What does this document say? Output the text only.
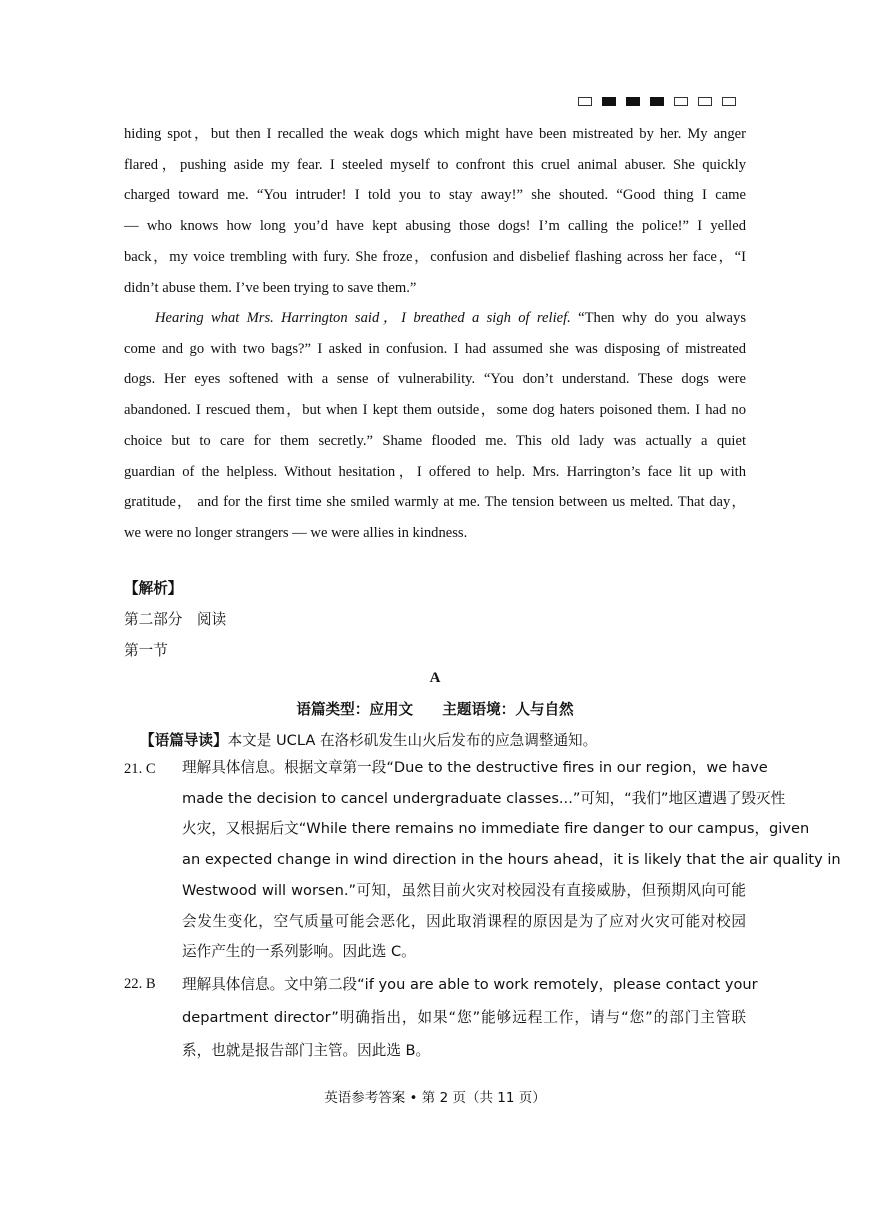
hiding spot，but then I recalled the weak dogs which might have been mistreated by her. My anger
flared，pushing aside my fear. I steeled myself to confront this cruel animal abuser. She quickly
charged toward me. “You intruder! I told you to stay away!” she shouted. “Good thing I came
— who knows how long you’d have kept abusing those dogs! I’m calling the police!” I yelled
back，my voice trembling with fury. She froze，confusion and disbelief flashing across her face，“I
didn’t abuse them. I’ve been trying to save them.”
Hearing what Mrs. Harrington said，I breathed a sigh of relief. “Then why do you always
come and go with two bags?” I asked in confusion. I had assumed she was disposing of mistreated
dogs. Her eyes softened with a sense of vulnerability. “You don’t understand. These dogs were
abandoned. I rescued them，but when I kept them outside，some dog haters poisoned them. I had no
choice but to care for them secretly.” Shame flooded me. This old lady was actually a quiet
guardian of the helpless. Without hesitation，I offered to help. Mrs. Harrington’s face lit up with
gratitude， and for the first time she smiled warmly at me. The tension between us melted. That day，
we were no longer strangers — we were allies in kindness.

【解析】

第二部分　阅读

第一节

A

语篇类型：应用文　　主题语境：人与自然

【语篇导读】本文是 UCLA 在洛杉矶发生山火后发布的应急调整通知。

21. C	理解具体信息。根据文章第一段“Due to the destructive fires in our region，we have
made the decision to cancel undergraduate classes...”可知，“我们”地区遭遇了毁灭性
火灾，又根据后文“While there remains no immediate fire danger to our campus，given
an expected change in wind direction in the hours ahead，it is likely that the air quality in
Westwood will worsen.”可知，虽然目前火灾对校园没有直接威胁，但预期风向可能
会发生变化，空气质量可能会恶化，因此取消课程的原因是为了应对火灾可能对校园
运作产生的一系列影响。因此选 C。
22. B	理解具体信息。文中第二段“if you are able to work remotely，please contact your
department director”明确指出，如果“您”能够远程工作，请与“您”的部门主管联
系，也就是报告部门主管。因此选 B。

英语参考答案 • 第 2 页（共 11 页）
